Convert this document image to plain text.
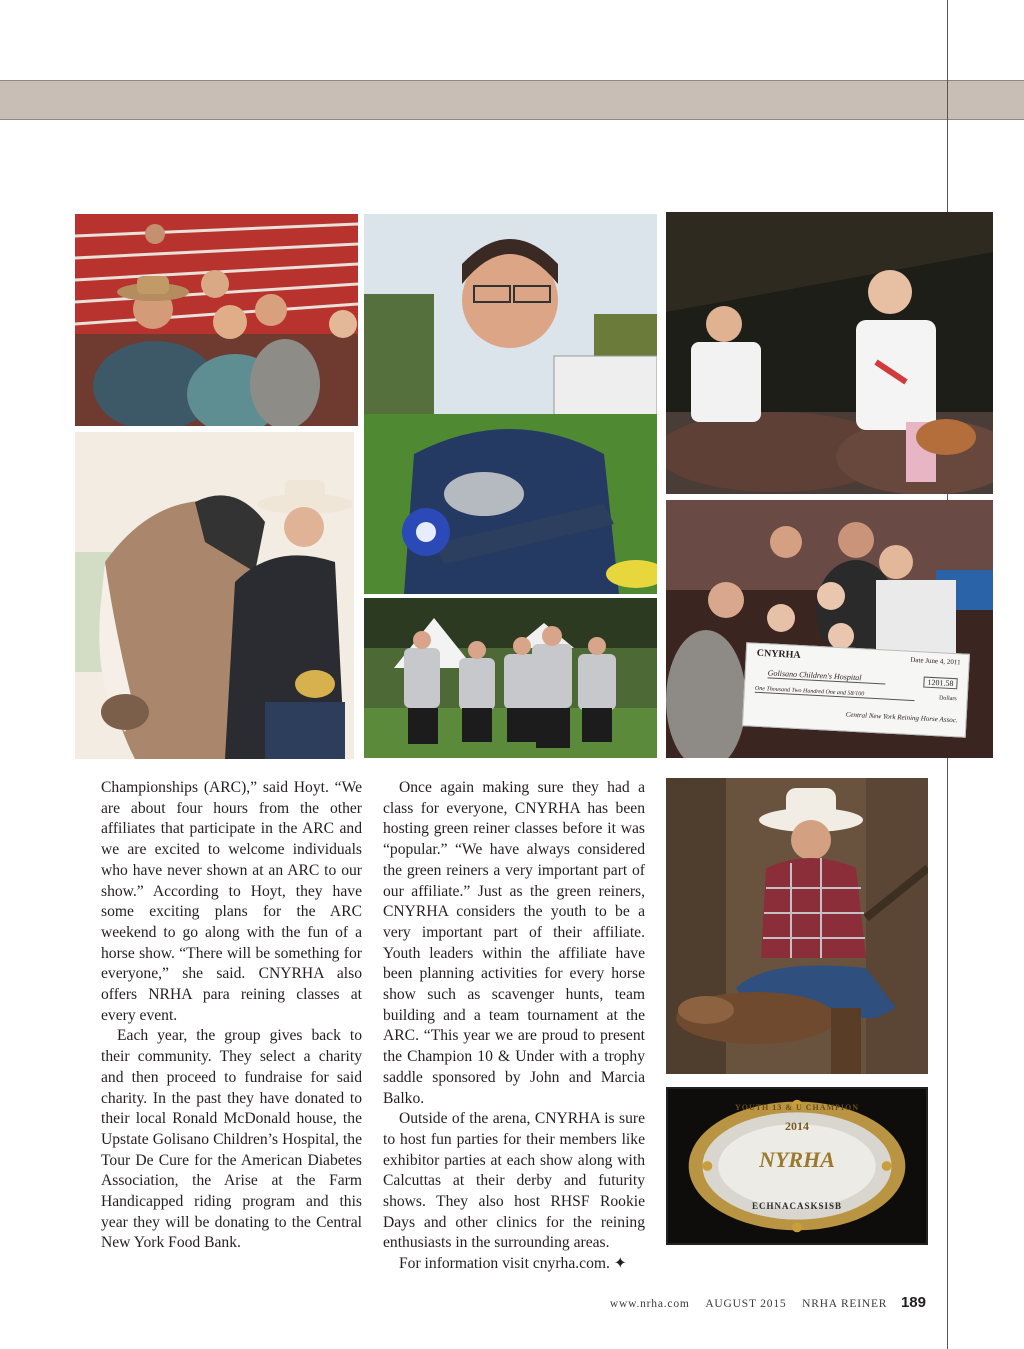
CNYRHA
Date June 4, 2011
Golisano Children's Hospital
1201.58
One Thousand Two Hundred One and 58/100
Dollars
Central New York Reining Horse Assoc.
YOUTH 13 & U CHAMPION
2014
NYRHA
ECHNACASKSISB

Championships (ARC),” said Hoyt. “We are about four hours from the other affiliates that participate in the ARC and we are excited to welcome individuals who have never shown at an ARC to our show.” According to Hoyt, they have some exciting plans for the ARC weekend to go along with the fun of a horse show. “There will be something for everyone,” she said. CNYRHA also offers NRHA para reining classes at every event.

Each year, the group gives back to their community. They select a charity and then proceed to fundraise for said charity. In the past they have donated to their local Ronald McDonald house, the Upstate Golisano Children’s Hospital, the Tour De Cure for the American Diabetes Association, the Arise at the Farm Handicapped riding program and this year they will be donating to the Central New York Food Bank.

Once again making sure they had a class for everyone, CNYRHA has been hosting green reiner classes before it was “popular.” “We have always considered the green reiners a very important part of our affiliate.” Just as the green reiners, CNYRHA considers the youth to be a very important part of their affiliate. Youth leaders within the affiliate have been planning activities for every horse show such as scavenger hunts, team building and a team tournament at the ARC. “This year we are proud to present the Champion 10 & Under with a trophy saddle sponsored by John and Marcia Balko.

Outside of the arena, CNYRHA is sure to host fun parties for their members like exhibitor parties at each show along with Calcuttas at their derby and futurity shows. They also host RHSF Rookie Days and other clinics for the reining enthusiasts in the surrounding areas.

For information visit cnyrha.com. ✦

www.nrha.com AUGUST 2015 NRHA REINER 189
